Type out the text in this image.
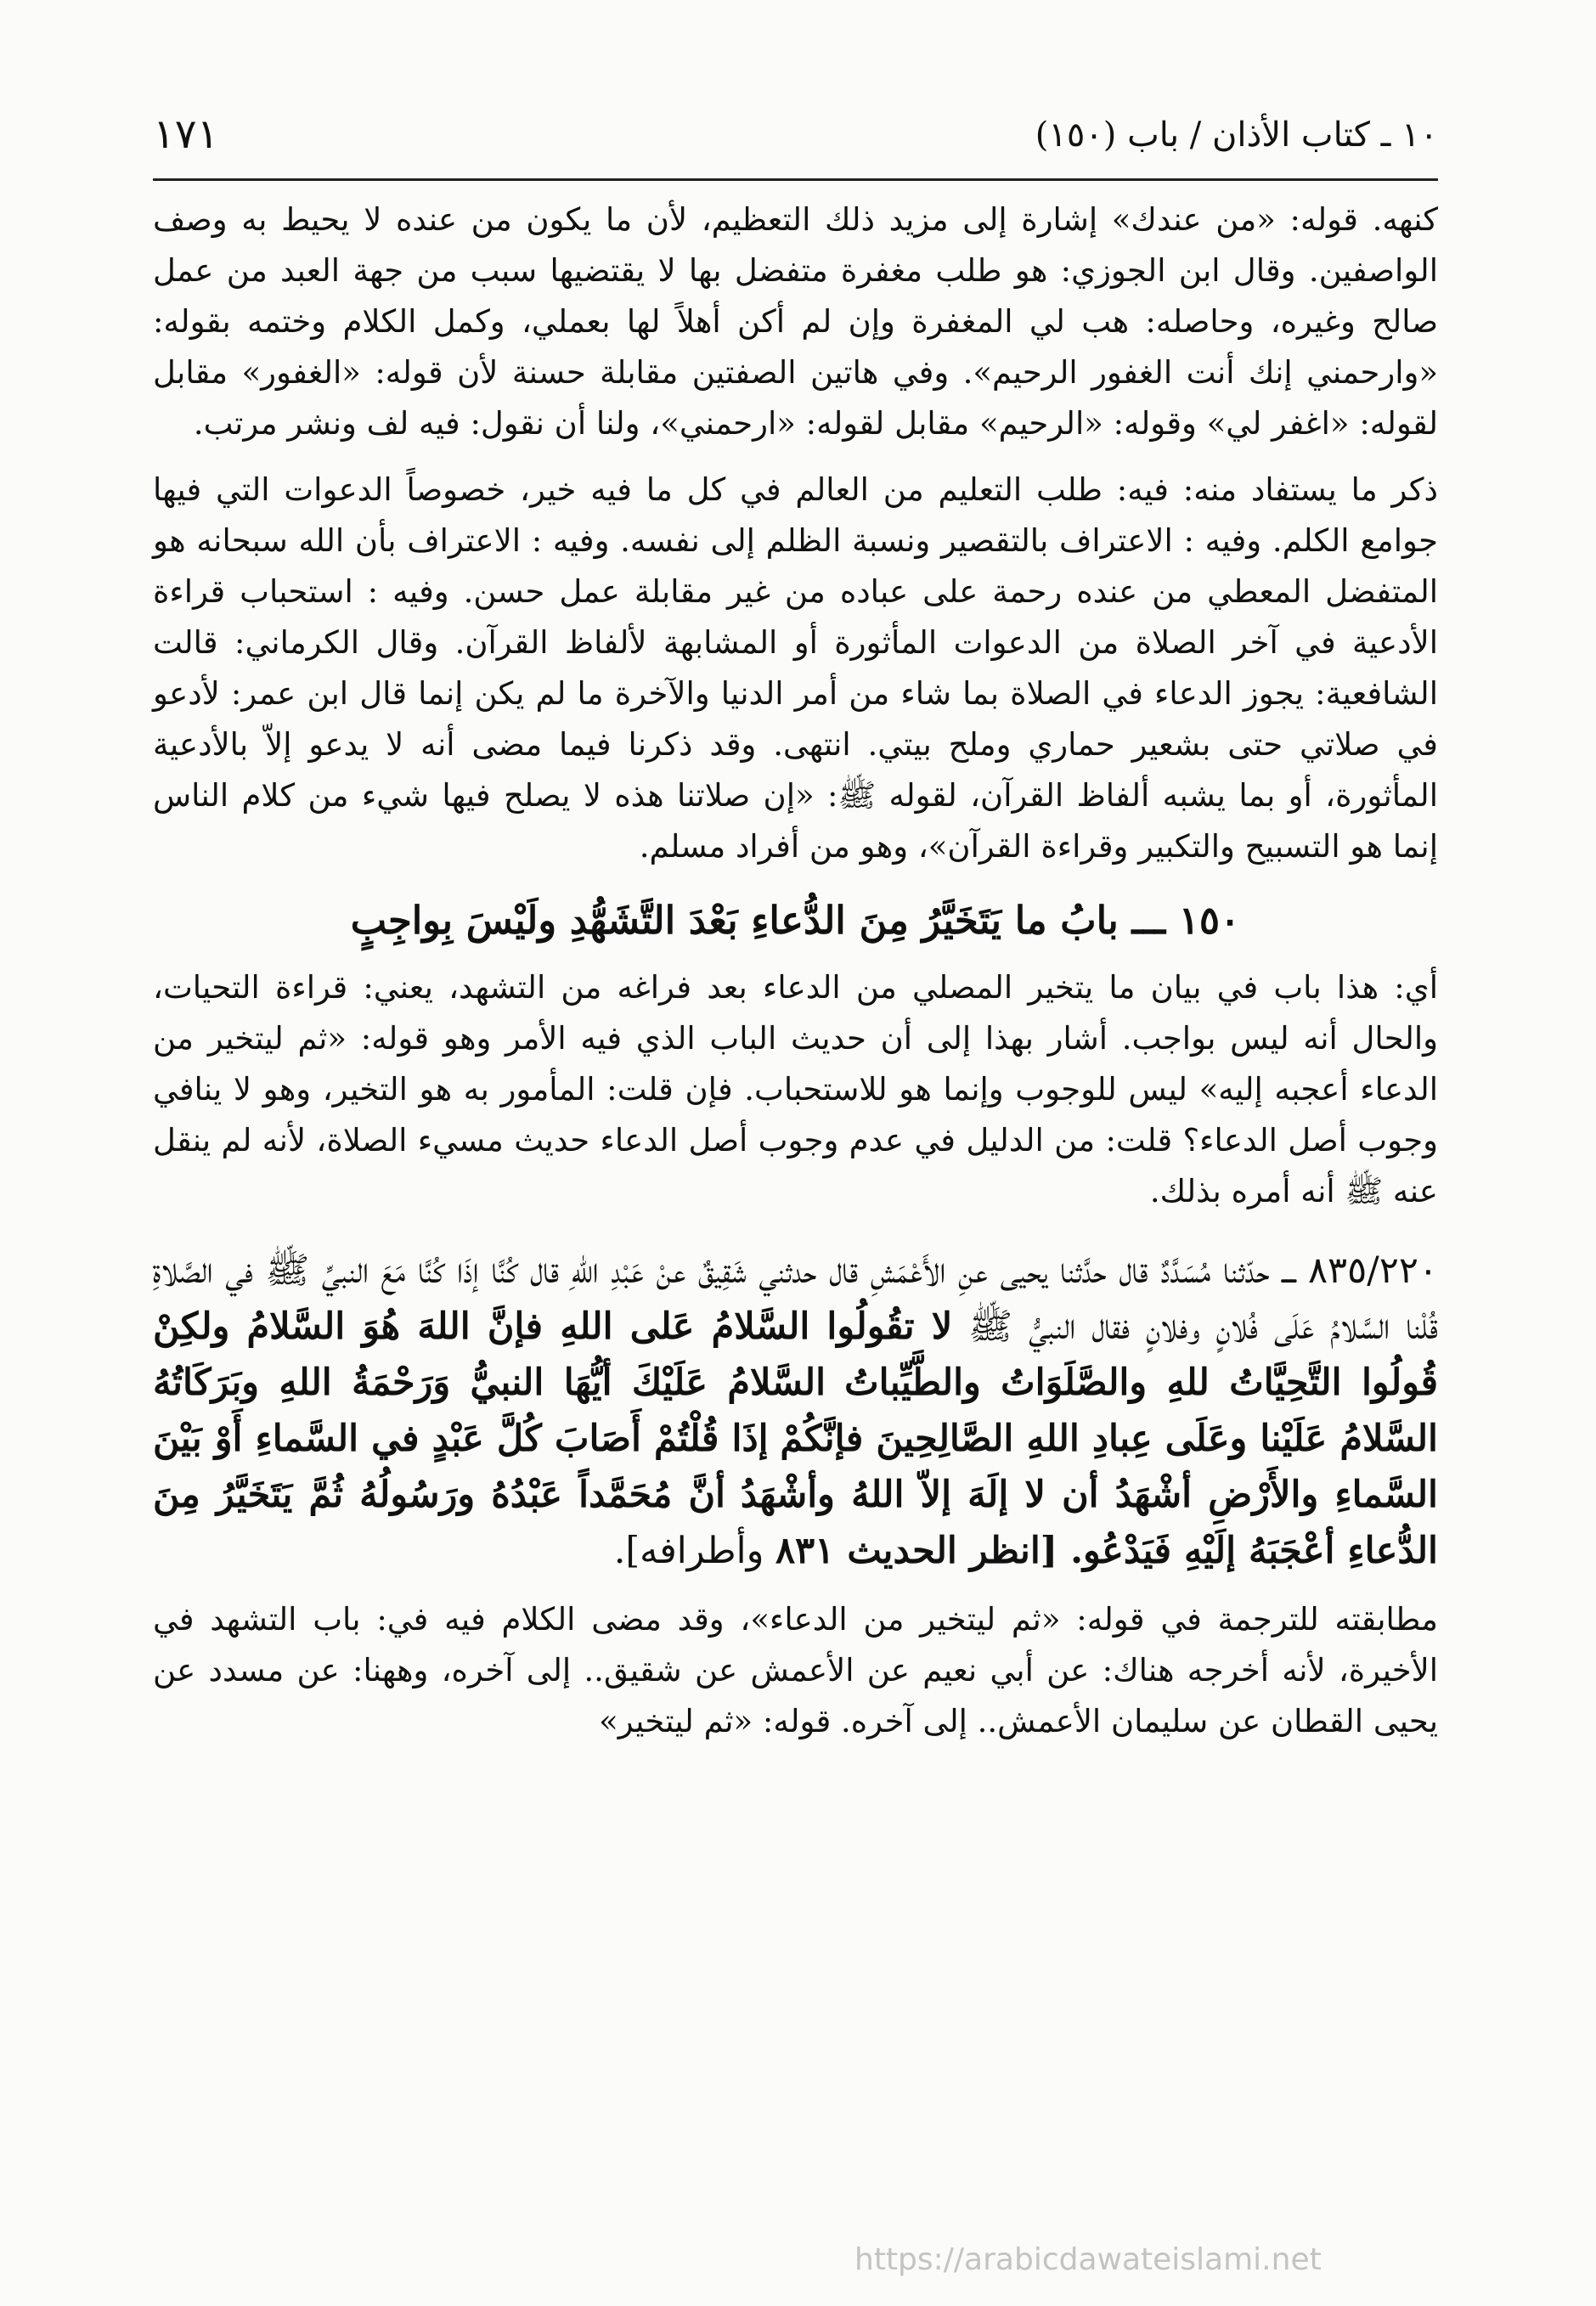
١٠ ـ كتاب الأذان / باب (١٥٠)
١٧١

كنهه. قوله: «من عندك» إشارة إلى مزيد ذلك التعظيم، لأن ما يكون من عنده لا يحيط به وصف الواصفين. وقال ابن الجوزي: هو طلب مغفرة متفضل بها لا يقتضيها سبب من جهة العبد من عمل صالح وغيره، وحاصله: هب لي المغفرة وإن لم أكن أهلاً لها بعملي، وكمل الكلام وختمه بقوله: «وارحمني إنك أنت الغفور الرحيم». وفي هاتين الصفتين مقابلة حسنة لأن قوله: «الغفور» مقابل لقوله: «اغفر لي» وقوله: «الرحيم» مقابل لقوله: «ارحمني»، ولنا أن نقول: فيه لف ونشر مرتب.

ذكر ما يستفاد منه: فيه: طلب التعليم من العالم في كل ما فيه خير، خصوصاً الدعوات التي فيها جوامع الكلم. وفيه : الاعتراف بالتقصير ونسبة الظلم إلى نفسه. وفيه : الاعتراف بأن الله سبحانه هو المتفضل المعطي من عنده رحمة على عباده من غير مقابلة عمل حسن. وفيه : استحباب قراءة الأدعية في آخر الصلاة من الدعوات المأثورة أو المشابهة لألفاظ القرآن. وقال الكرماني: قالت الشافعية: يجوز الدعاء في الصلاة بما شاء من أمر الدنيا والآخرة ما لم يكن إنما قال ابن عمر: لأدعو في صلاتي حتى بشعير حماري وملح بيتي. انتهى. وقد ذكرنا فيما مضى أنه لا يدعو إلاّ بالأدعية المأثورة، أو بما يشبه ألفاظ القرآن، لقوله ﷺ: «إن صلاتنا هذه لا يصلح فيها شيء من كلام الناس إنما هو التسبيح والتكبير وقراءة القرآن»، وهو من أفراد مسلم.

١٥٠ ـــ بابُ ما يَتَخَيَّرُ مِنَ الدُّعاءِ بَعْدَ التَّشَهُّدِ ولَيْسَ بِواجِبٍ

أي: هذا باب في بيان ما يتخير المصلي من الدعاء بعد فراغه من التشهد، يعني: قراءة التحيات، والحال أنه ليس بواجب. أشار بهذا إلى أن حديث الباب الذي فيه الأمر وهو قوله: «ثم ليتخير من الدعاء أعجبه إليه» ليس للوجوب وإنما هو للاستحباب. فإن قلت: المأمور به هو التخير، وهو لا ينافي وجوب أصل الدعاء؟ قلت: من الدليل في عدم وجوب أصل الدعاء حديث مسيء الصلاة، لأنه لم ينقل عنه ﷺ أنه أمره بذلك.

٨٣٥/٢٢٠ ـــ حدّثنا مُسَدَّدٌ قال حدَّثنا يحيى عنِ الأَعْمَشِ قال حدثني شَقِيقٌ عنْ عَبْدِ اللهِ قال كُنَّا إذَا كُنَّا مَعَ النبيِّ ﷺ في الصَّلاةِ قُلْنا السَّلامُ عَلَى فُلانٍ وفلانٍ فقال النبيُّ ﷺ لا تقُولُوا السَّلامُ عَلى اللهِ فإنَّ اللهَ هُوَ السَّلامُ ولكِنْ قُولُوا التَّحِيَّاتُ للهِ والصَّلَوَاتُ والطَّيِّباتُ السَّلامُ عَلَيْكَ أيُّهَا النبيُّ وَرَحْمَةُ اللهِ وبَرَكَاتُهُ السَّلامُ عَلَيْنا وعَلَى عِبادِ اللهِ الصَّالِحِينَ فإنَّكُمْ إذَا قُلْتُمْ أَصَابَ كُلَّ عَبْدٍ في السَّماءِ أَوْ بَيْنَ السَّماءِ والأَرْضِ أشْهَدُ أن لا إلَهَ إلاّ اللهُ وأشْهَدُ أنَّ مُحَمَّداً عَبْدُهُ ورَسُولُهُ ثُمَّ يَتَخَيَّرُ مِنَ الدُّعاءِ أعْجَبَهُ إلَيْهِ فَيَدْعُو. [انظر الحديث ٨٣١ وأطرافه].

مطابقته للترجمة في قوله: «ثم ليتخير من الدعاء»، وقد مضى الكلام فيه في: باب التشهد في الأخيرة، لأنه أخرجه هناك: عن أبي نعيم عن الأعمش عن شقيق.. إلى آخره، وههنا: عن مسدد عن يحيى القطان عن سليمان الأعمش.. إلى آخره. قوله: «ثم ليتخير»

https://arabicdawateislami.net
